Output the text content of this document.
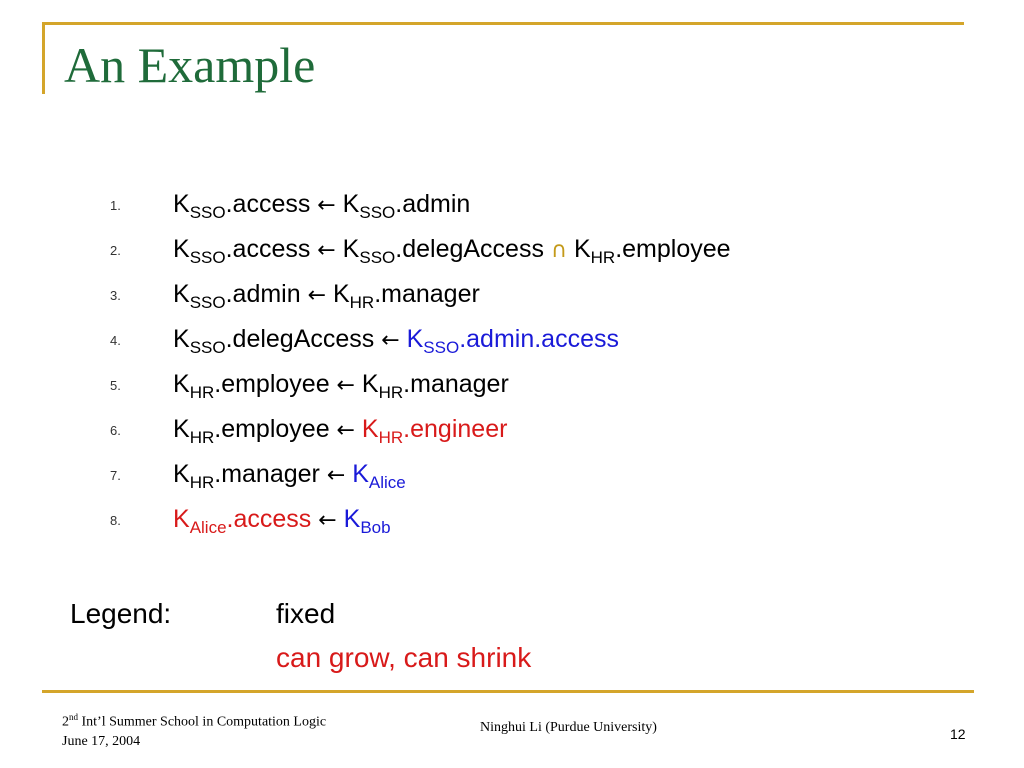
An Example
1.	$K_{SSO}.access$ ← $K_{SSO}.admin$
2.	$K_{SSO}.access$ ← $K_{SSO}.delegAccess$ ∩ $K_{HR}.employee$
3.	$K_{SSO}.admin$ ← $K_{HR}.manager$
4.	$K_{SSO}.delegAccess$ ← $K_{SSO}.admin.access$
5.	$K_{HR}.employee$ ← $K_{HR}.manager$
6.	$K_{HR}.employee$ ← $K_{HR}.engineer$
7.	$K_{HR}.manager$ ← $K_{Alice}$
8.	$K_{Alice}.access$ ← $K_{Bob}$
Legend:	fixed
can grow, can shrink
2nd Int’l Summer School in Computation Logic
June 17, 2004
Ninghui Li (Purdue University)	12
